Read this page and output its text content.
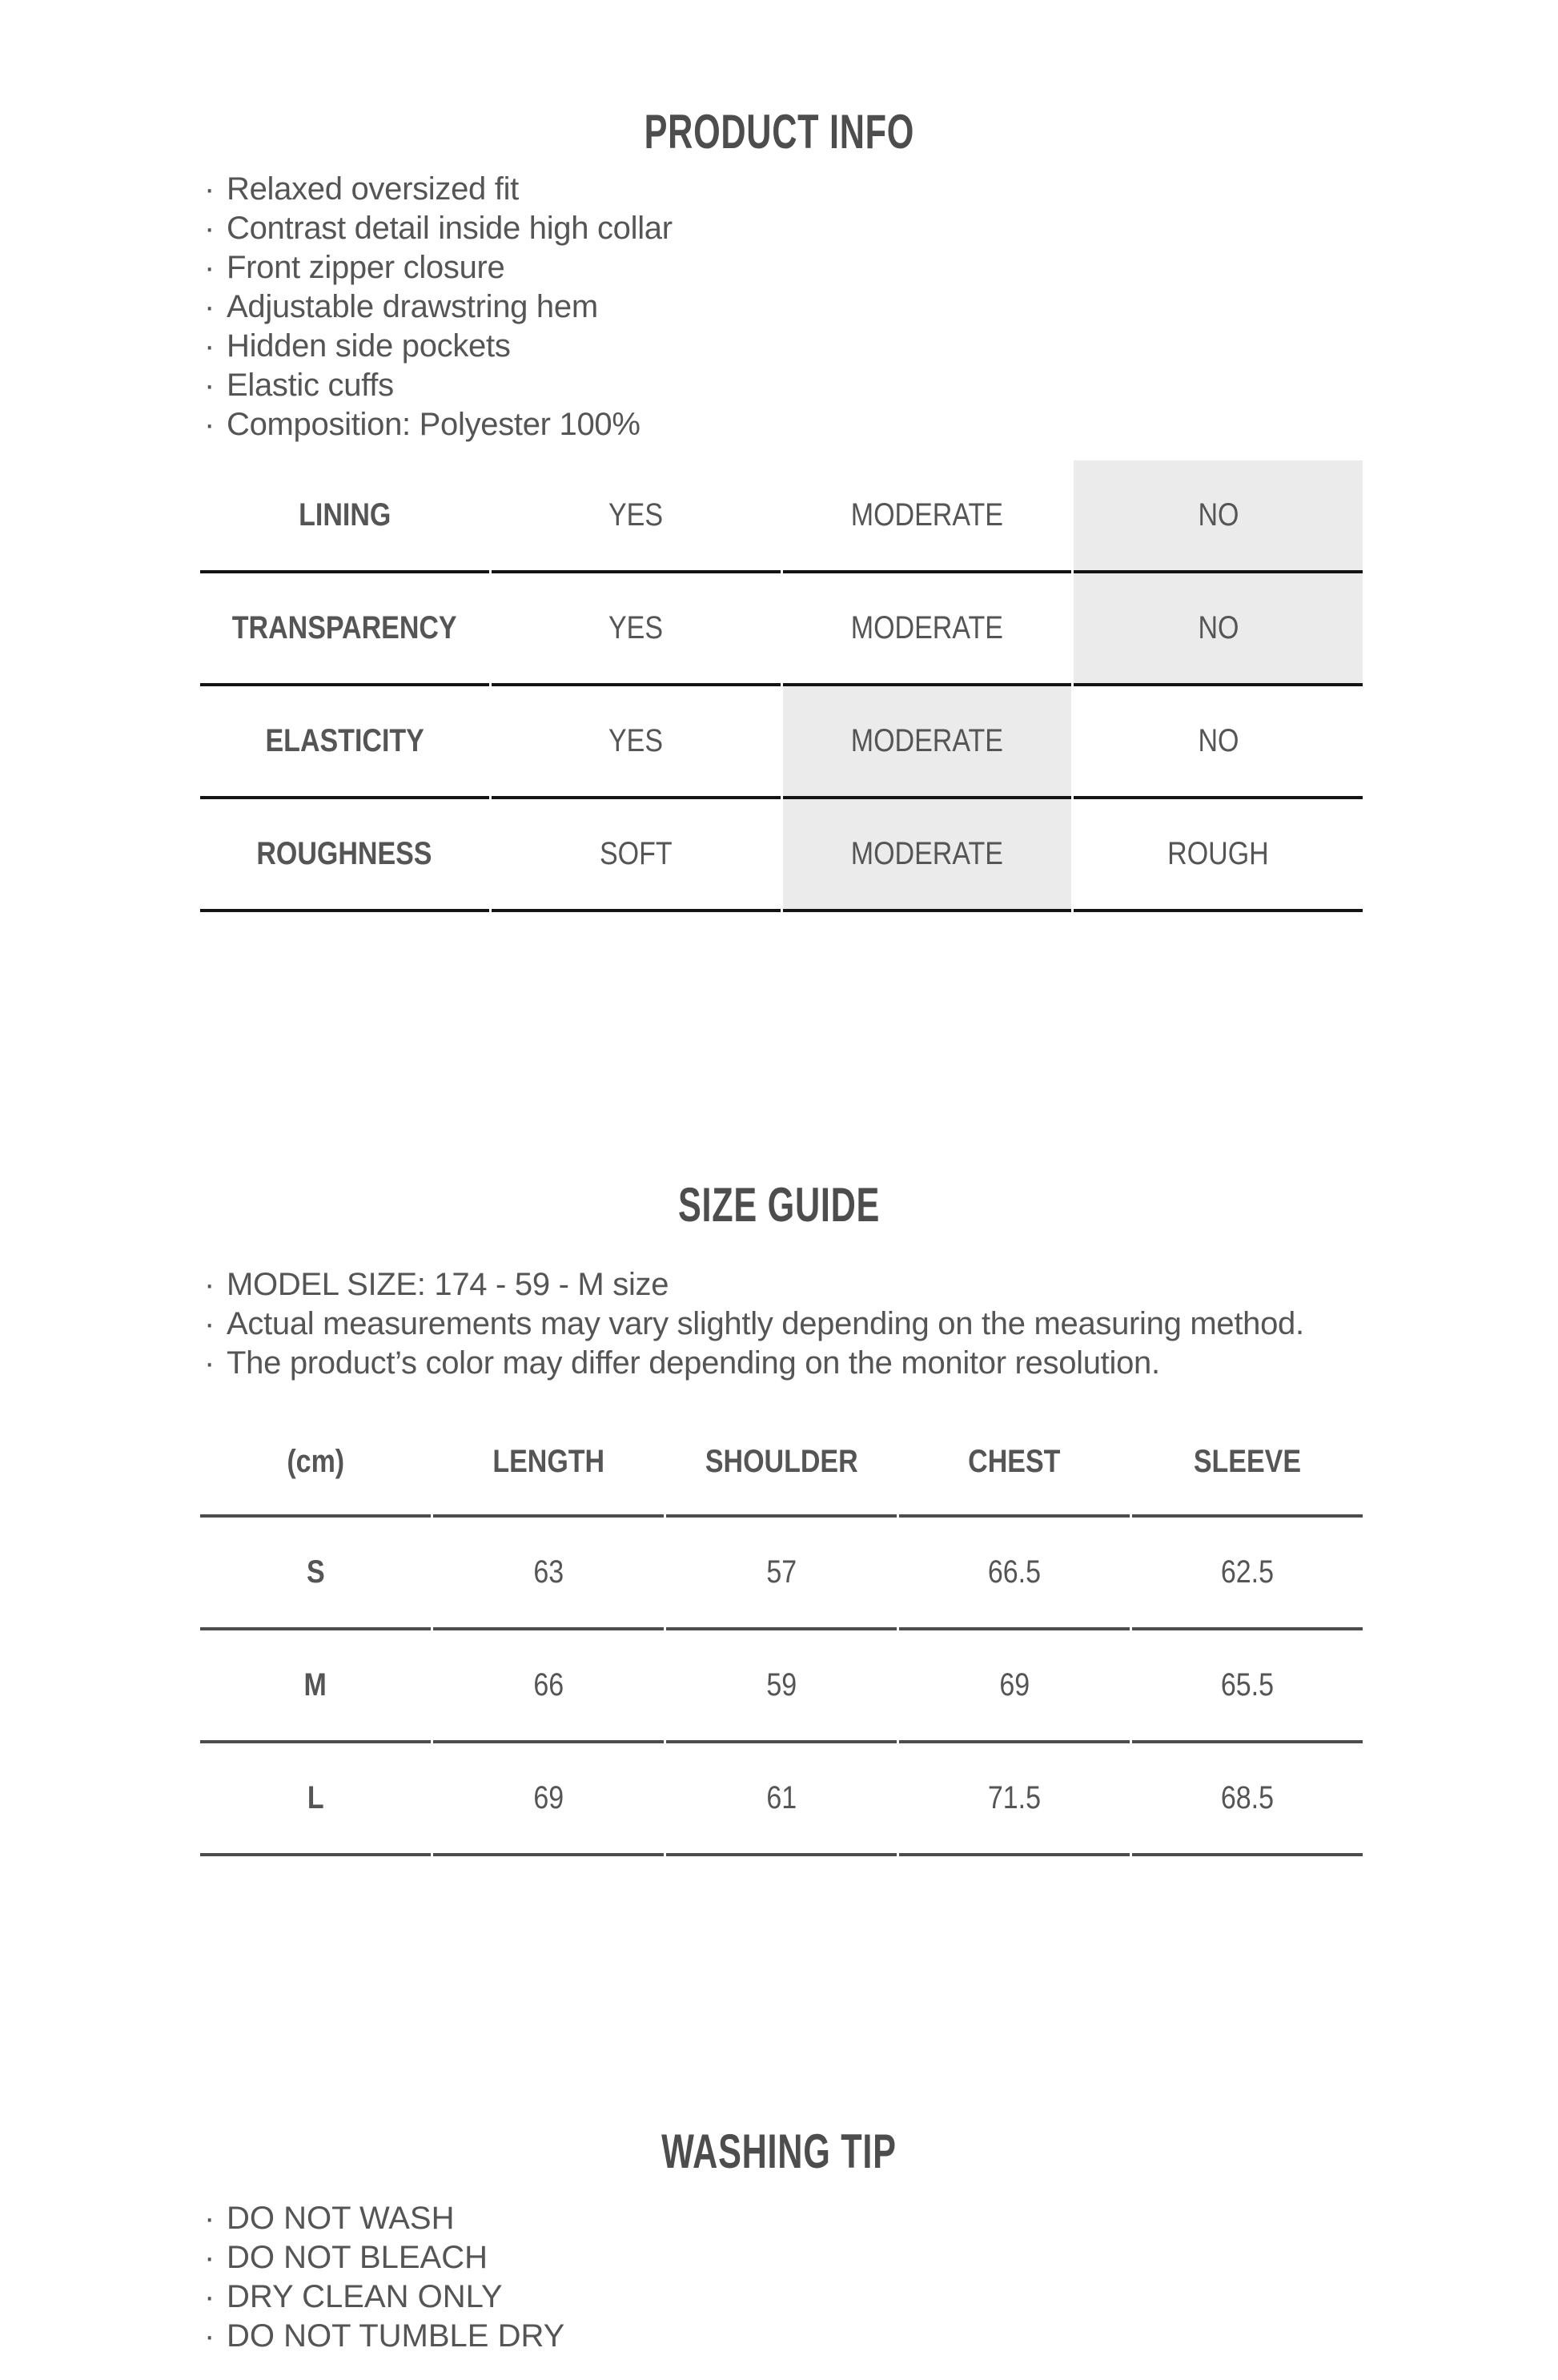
PRODUCT INFO
· Relaxed oversized fit
· Contrast detail inside high collar
· Front zipper closure
· Adjustable drawstring hem
· Hidden side pockets
· Elastic cuffs
· Composition: Polyester 100%
LINING	YES	MODERATE	NO
TRANSPARENCY	YES	MODERATE	NO
ELASTICITY	YES	MODERATE	NO
ROUGHNESS	SOFT	MODERATE	ROUGH
SIZE GUIDE
· MODEL SIZE: 174 - 59 - M size
· Actual measurements may vary slightly depending on the measuring method.
· The product’s color may differ depending on the monitor resolution.
(cm)	LENGTH	SHOULDER	CHEST	SLEEVE
S	63	57	66.5	62.5
M	66	59	69	65.5
L	69	61	71.5	68.5
WASHING TIP
· DO NOT WASH
· DO NOT BLEACH
· DRY CLEAN ONLY
· DO NOT TUMBLE DRY
